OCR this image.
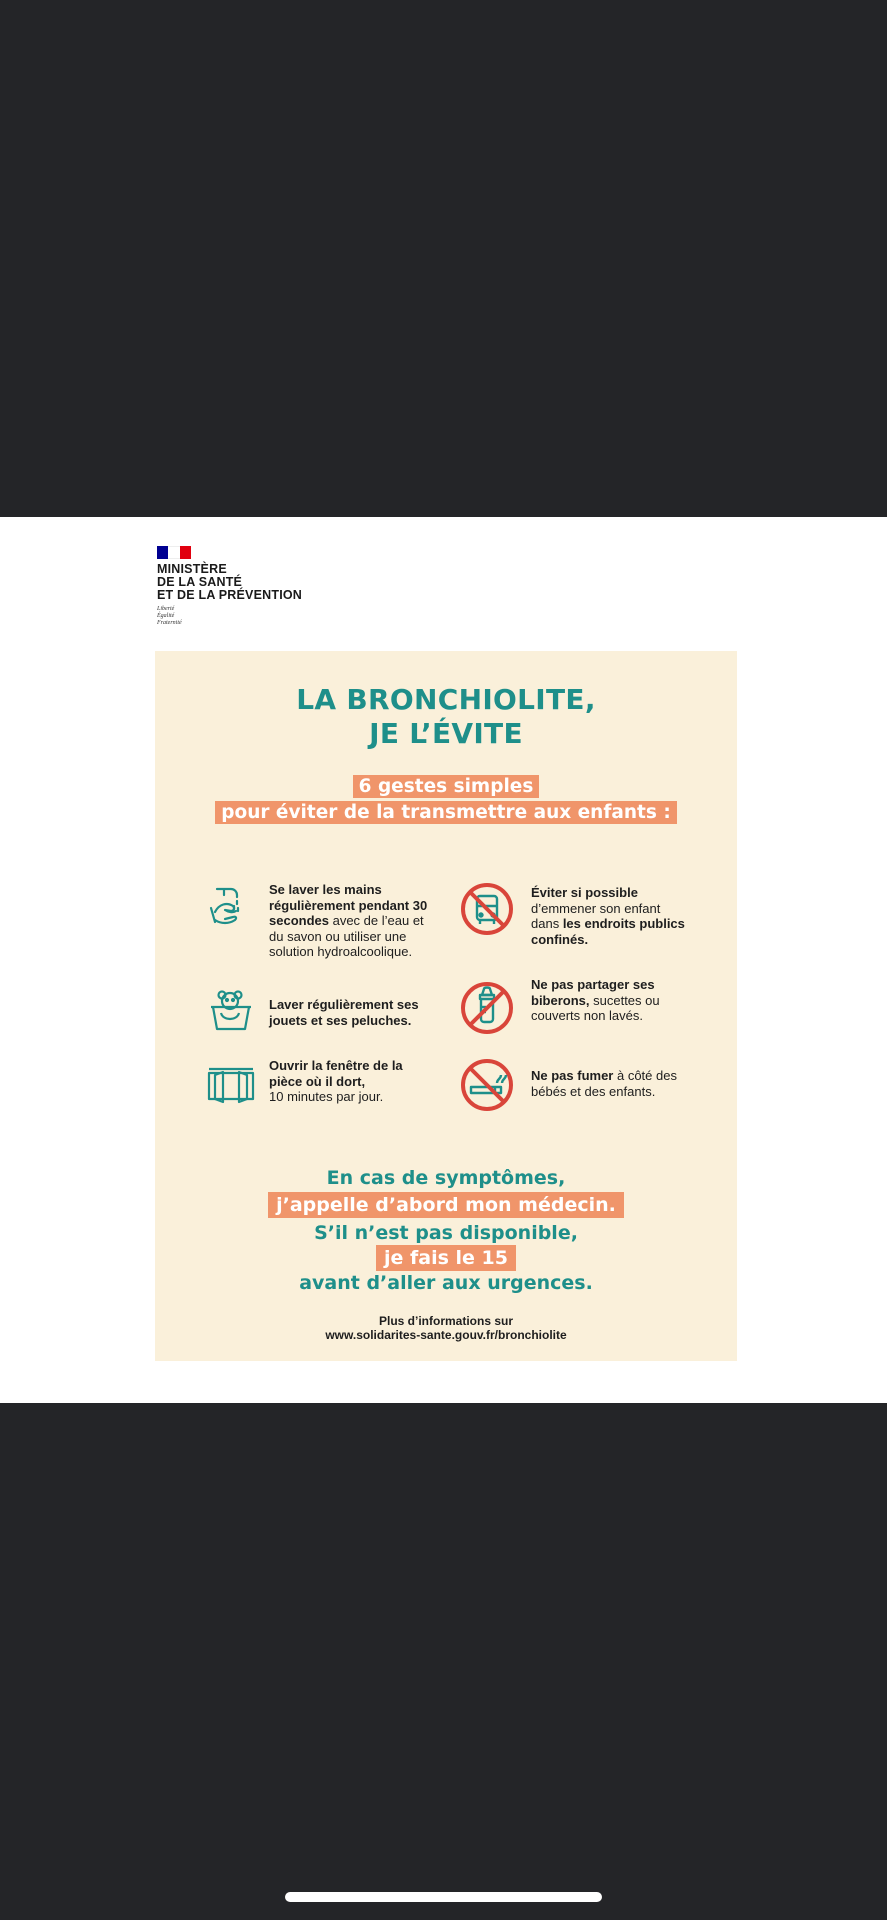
MINISTÈRE
DE LA SANTÉ
ET DE LA PRÉVENTION
Liberté
Égalité
Fraternité
LA BRONCHIOLITE,
JE L’ÉVITE
6 gestes simples
pour éviter de la transmettre aux enfants :
Se laver les mains
régulièrement pendant 30
secondes avec de l’eau et
du savon ou utiliser une
solution hydroalcoolique.
Éviter si possible
d’emmener son enfant
dans les endroits publics
confinés.
Laver régulièrement ses
jouets et ses peluches.
Ne pas partager ses
biberons, sucettes ou
couverts non lavés.
Ouvrir la fenêtre de la
pièce où il dort,
10 minutes par jour.
Ne pas fumer à côté des
bébés et des enfants.
En cas de symptômes,
j’appelle d’abord mon médecin.
S’il n’est pas disponible,
je fais le 15
avant d’aller aux urgences.
Plus d’informations sur
www.solidarites-sante.gouv.fr/bronchiolite
